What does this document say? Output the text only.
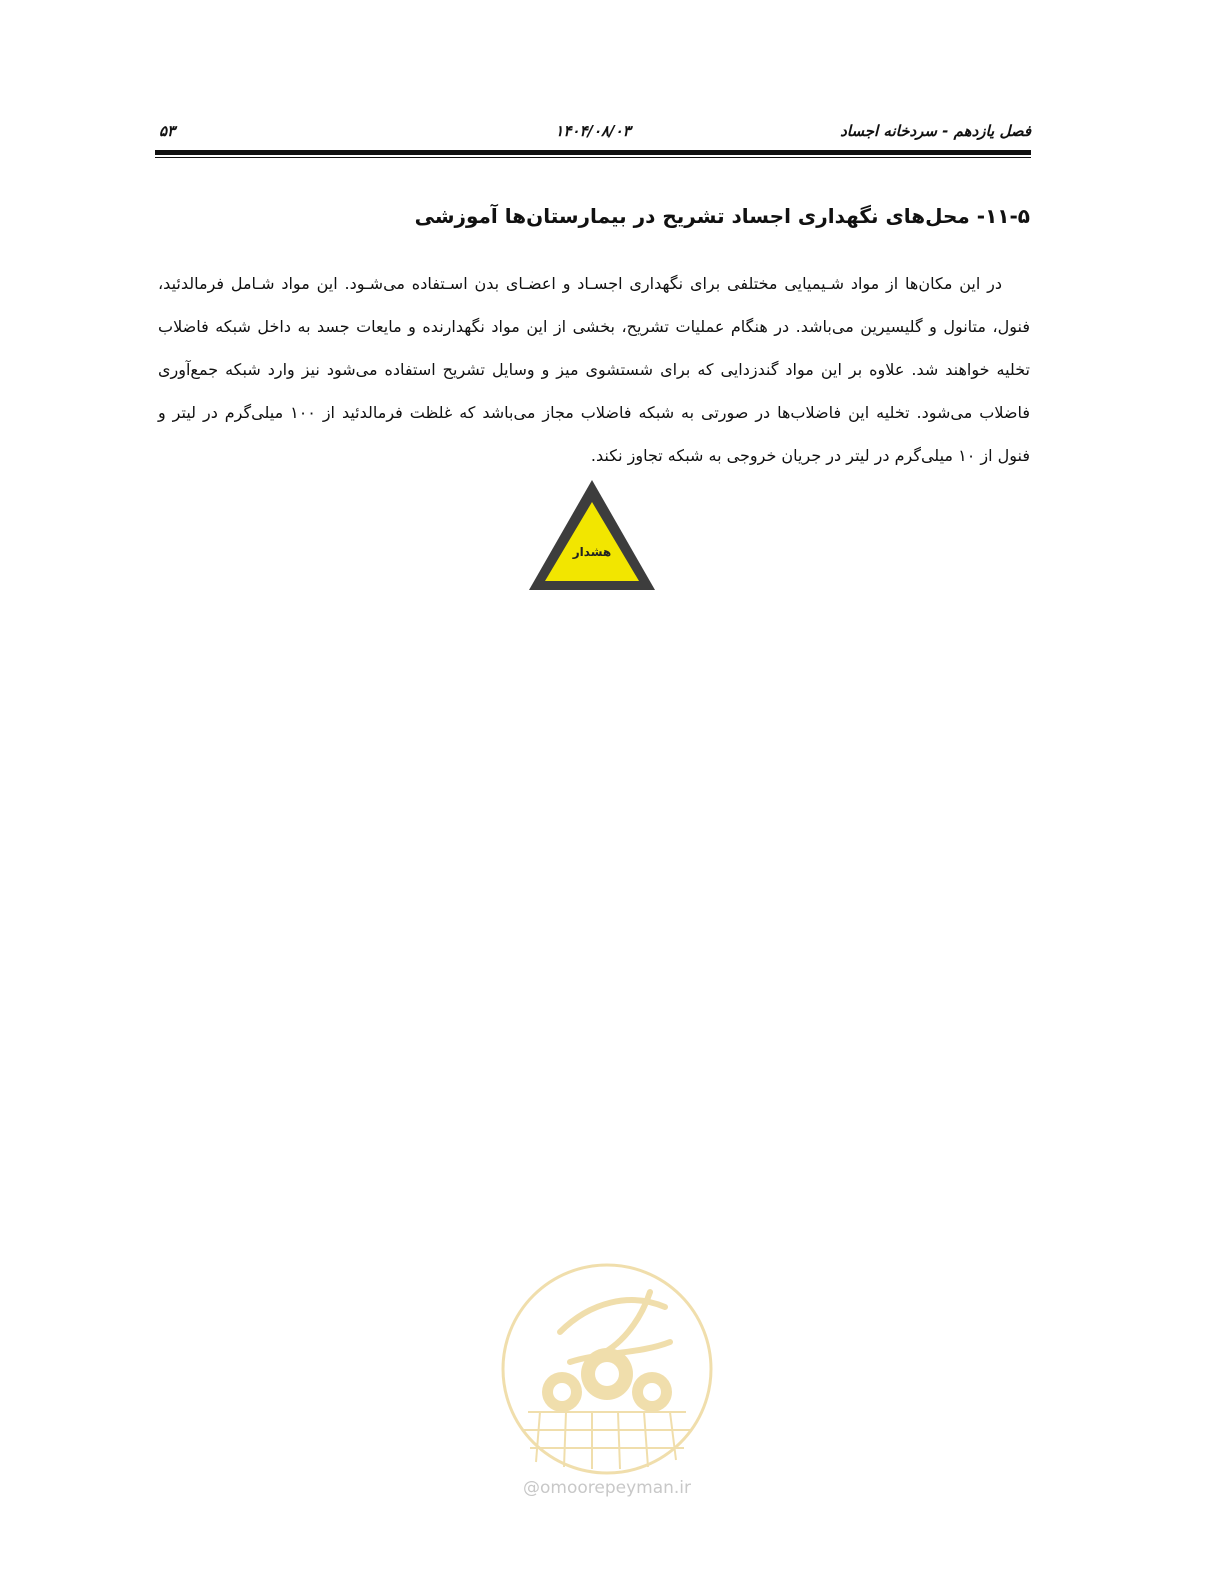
فصل یازدهم - سردخانه اجساد
۱۴۰۴/۰۸/۰۳
۵۳
۱۱-۵- محل‌های نگهداری اجساد تشریح در بیمارستان‌ها آموزشی

در این مکان‌ها از مواد شـیمیایی مختلفی برای نگهداری اجسـاد و اعضـای بدن اسـتفاده می‌شـود. این مواد شـامل فرمالدئید، فنول، متانول و گلیسیرین می‌باشد. در هنگام عملیات تشریح، بخشی از این مواد نگهدارنده و مایعات جسد به داخل شبکه فاضلاب تخلیه خواهند شد. علاوه بر این مواد گندزدایی که برای شستشوی میز و وسایل تشریح استفاده می‌شود نیز وارد شبکه جمع‌آوری فاضلاب می‌شود. تخلیه این فاضلاب‌ها در صورتی به شبکه فاضلاب مجاز می‌باشد که غلظت فرمالدئید از ۱۰۰ میلی‌گرم در لیتر و فنول از ۱۰ میلی‌گرم در لیتر در جریان خروجی به شبکه تجاوز نکند.

هشدار
@omoorepeyman.ir
